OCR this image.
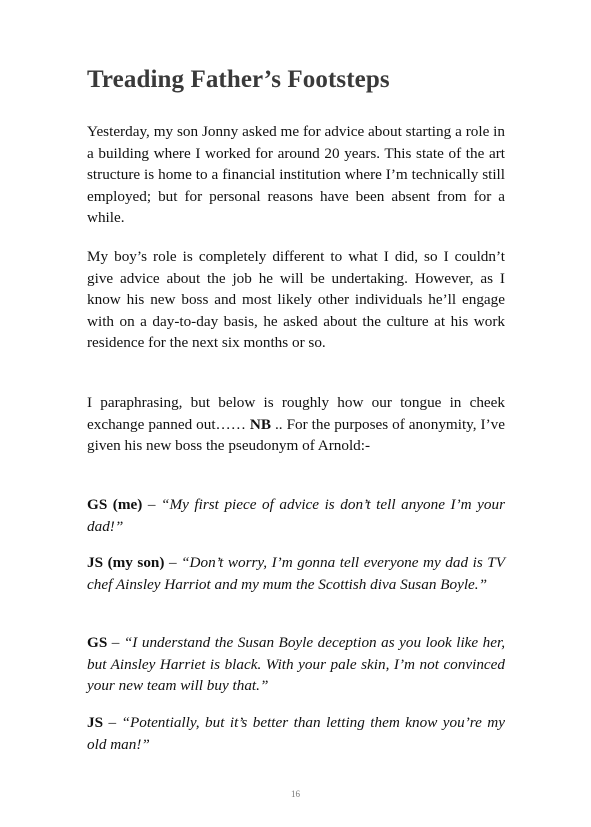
Treading Father’s Footsteps

Yesterday, my son Jonny asked me for advice about starting a role in a building where I worked for around 20 years. This state of the art structure is home to a financial institution where I’m technically still employed; but for personal reasons have been absent from for a while.

My boy’s role is completely different to what I did, so I couldn’t give advice about the job he will be undertaking. However, as I know his new boss and most likely other individuals he’ll engage with on a day-to-day basis, he asked about the culture at his work residence for the next six months or so.

I paraphrasing, but below is roughly how our tongue in cheek exchange panned out…… NB .. For the purposes of anonymity, I’ve given his new boss the pseudonym of Arnold:-

GS (me) – “My first piece of advice is don’t tell anyone I’m your dad!”

JS (my son) – “Don’t worry, I’m gonna tell everyone my dad is TV chef Ainsley Harriot and my mum the Scottish diva Susan Boyle.”

GS – “I understand the Susan Boyle deception as you look like her, but Ainsley Harriet is black. With your pale skin, I’m not convinced your new team will buy that.”

JS – “Potentially, but it’s better than letting them know you’re my old man!”

16
